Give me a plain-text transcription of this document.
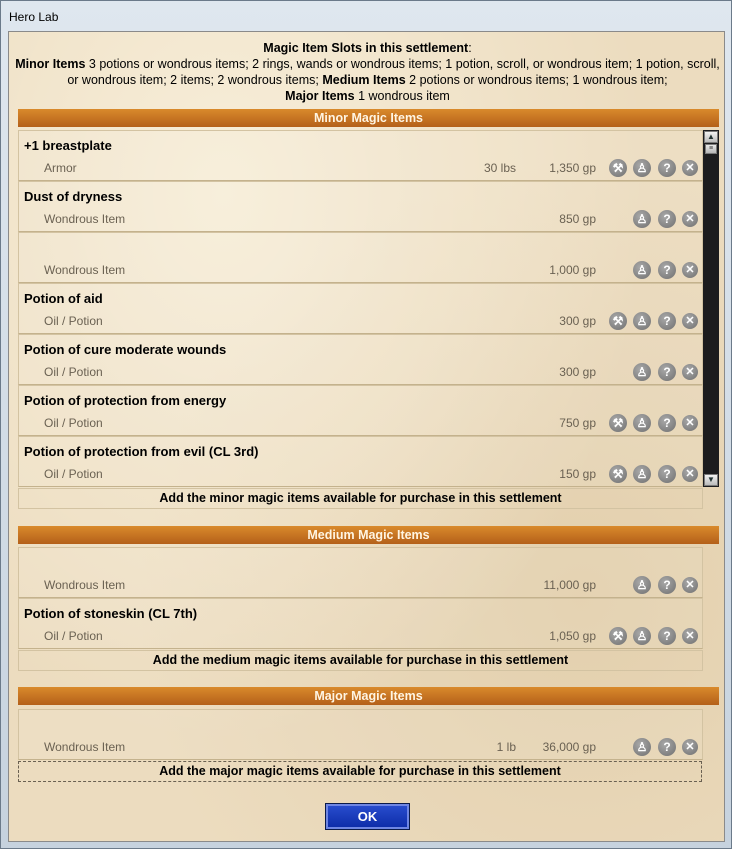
Hero Lab
Magic Item Slots in this settlement:
Minor Items 3 potions or wondrous items; 2 rings, wands or wondrous items; 1 potion, scroll, or wondrous item; 1 potion, scroll, or wondrous item; 2 items; 2 wondrous items; Medium Items 2 potions or wondrous items; 1 wondrous item;
Major Items 1 wondrous item
Minor Magic Items
+1 breastplate
Armor	30 lbs	1,350 gp	⚒	♙	?	✕
Dust of dryness
Wondrous Item	850 gp	♙	?	✕
Wondrous Item	1,000 gp	♙	?	✕
Potion of aid
Oil / Potion	300 gp	⚒	♙	?	✕
Potion of cure moderate wounds
Oil / Potion	300 gp	♙	?	✕
Potion of protection from energy
Oil / Potion	750 gp	⚒	♙	?	✕
Potion of protection from evil (CL 3rd)
Oil / Potion	150 gp	⚒	♙	?	✕
▲
≡
▼
Add the minor magic items available for purchase in this settlement
Medium Magic Items
Wondrous Item	11,000 gp	♙	?	✕
Potion of stoneskin (CL 7th)
Oil / Potion	1,050 gp	⚒	♙	?	✕
Add the medium magic items available for purchase in this settlement
Major Magic Items
Wondrous Item	1 lb 36,000 gp	♙	?	✕
Add the major magic items available for purchase in this settlement
OK
